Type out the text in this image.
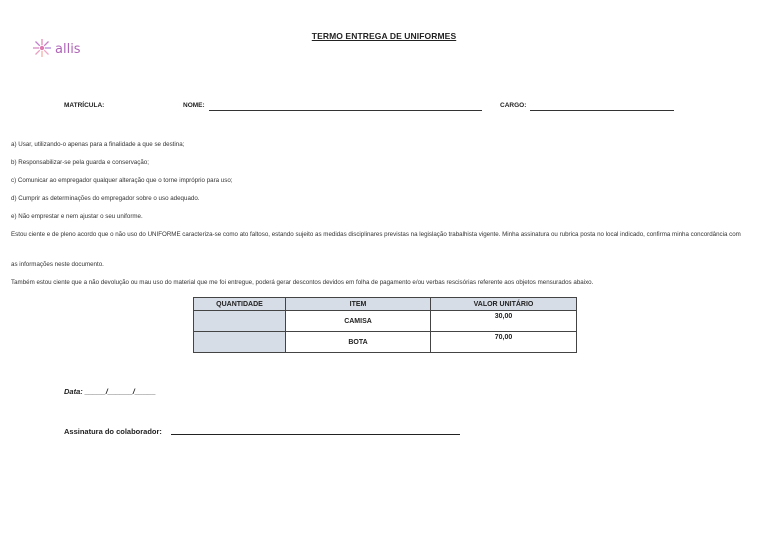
allis
TERMO ENTREGA DE UNIFORMES
MATRÍCULA:	NOME:	CARGO:
a) Usar, utilizando-o apenas para a finalidade a que se destina;
b) Responsabilizar-se pela guarda e conservação;
c) Comunicar ao empregador qualquer alteração que o torne impróprio para uso;
d) Cumprir as determinações do empregador sobre o uso adequado.
e) Não emprestar e nem ajustar o seu uniforme.
Estou ciente e de pleno acordo que o não uso do UNIFORME caracteriza-se como ato faltoso, estando sujeito as medidas disciplinares previstas na legislação trabalhista vigente. Minha assinatura ou rubrica posta no local indicado, confirma minha concordância com
as informações neste documento.
Também estou ciente que a não devolução ou mau uso do material que me foi entregue, poderá gerar descontos devidos em folha de pagamento e/ou verbas rescisórias referente aos objetos mensurados abaixo.
QUANTIDADE	ITEM	VALOR UNITÁRIO
	CAMISA	30,00
	BOTA	70,00
Data: _____/______/_____
Assinatura do colaborador:
